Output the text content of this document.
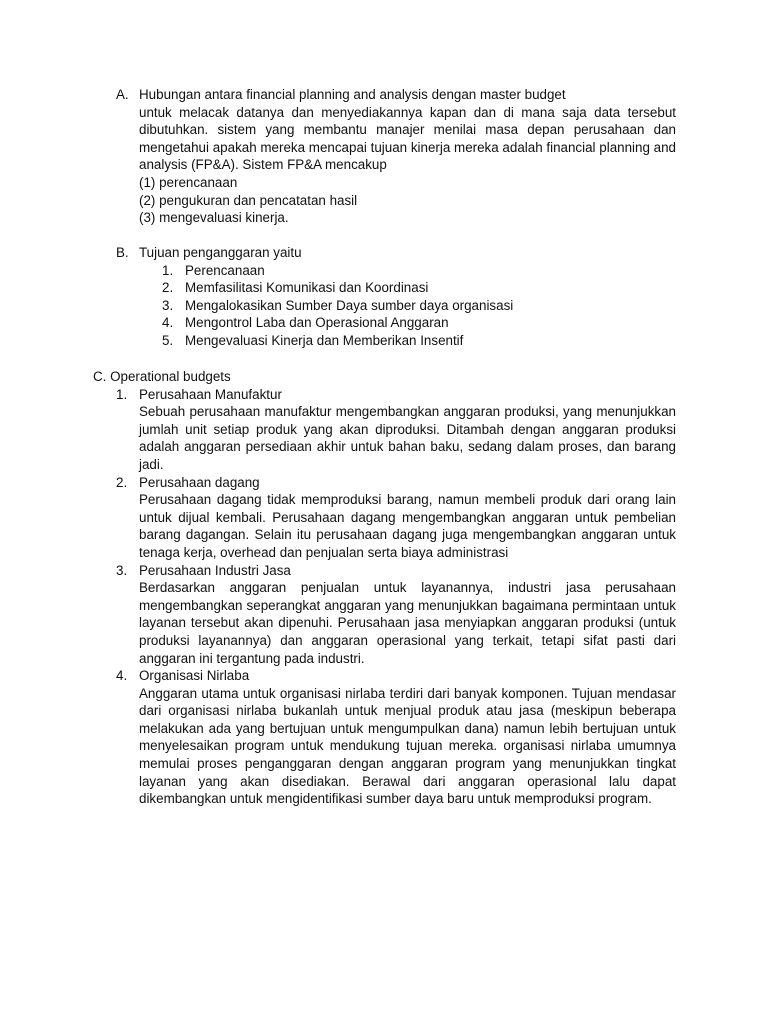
A. Hubungan antara financial planning and analysis dengan master budget
untuk melacak datanya dan menyediakannya kapan dan di mana saja data tersebut dibutuhkan. sistem yang membantu manajer menilai masa depan perusahaan dan mengetahui apakah mereka mencapai tujuan kinerja mereka adalah financial planning and analysis (FP&A). Sistem FP&A mencakup
(1) perencanaan
(2) pengukuran dan pencatatan hasil
(3) mengevaluasi kinerja.
B. Tujuan penganggaran yaitu
1. Perencanaan
2. Memfasilitasi Komunikasi dan Koordinasi
3. Mengalokasikan Sumber Daya sumber daya organisasi
4. Mengontrol Laba dan Operasional Anggaran
5. Mengevaluasi Kinerja dan Memberikan Insentif
C. Operational budgets
1. Perusahaan Manufaktur
Sebuah perusahaan manufaktur mengembangkan anggaran produksi, yang menunjukkan jumlah unit setiap produk yang akan diproduksi. Ditambah dengan anggaran produksi adalah anggaran persediaan akhir untuk bahan baku, sedang dalam proses, dan barang jadi.
2. Perusahaan dagang
Perusahaan dagang tidak memproduksi barang, namun membeli produk dari orang lain untuk dijual kembali. Perusahaan dagang mengembangkan anggaran untuk pembelian barang dagangan. Selain itu perusahaan dagang juga mengembangkan anggaran untuk tenaga kerja, overhead dan penjualan serta biaya administrasi
3. Perusahaan Industri Jasa
Berdasarkan anggaran penjualan untuk layanannya, industri jasa perusahaan mengembangkan seperangkat anggaran yang menunjukkan bagaimana permintaan untuk layanan tersebut akan dipenuhi. Perusahaan jasa menyiapkan anggaran produksi (untuk produksi layanannya) dan anggaran operasional yang terkait, tetapi sifat pasti dari anggaran ini tergantung pada industri.
4. Organisasi Nirlaba
Anggaran utama untuk organisasi nirlaba terdiri dari banyak komponen. Tujuan mendasar dari organisasi nirlaba bukanlah untuk menjual produk atau jasa (meskipun beberapa melakukan ada yang bertujuan untuk mengumpulkan dana) namun lebih bertujuan untuk menyelesaikan program untuk mendukung tujuan mereka. organisasi nirlaba umumnya memulai proses penganggaran dengan anggaran program yang menunjukkan tingkat layanan yang akan disediakan. Berawal dari anggaran operasional lalu dapat dikembangkan untuk mengidentifikasi sumber daya baru untuk memproduksi program.
